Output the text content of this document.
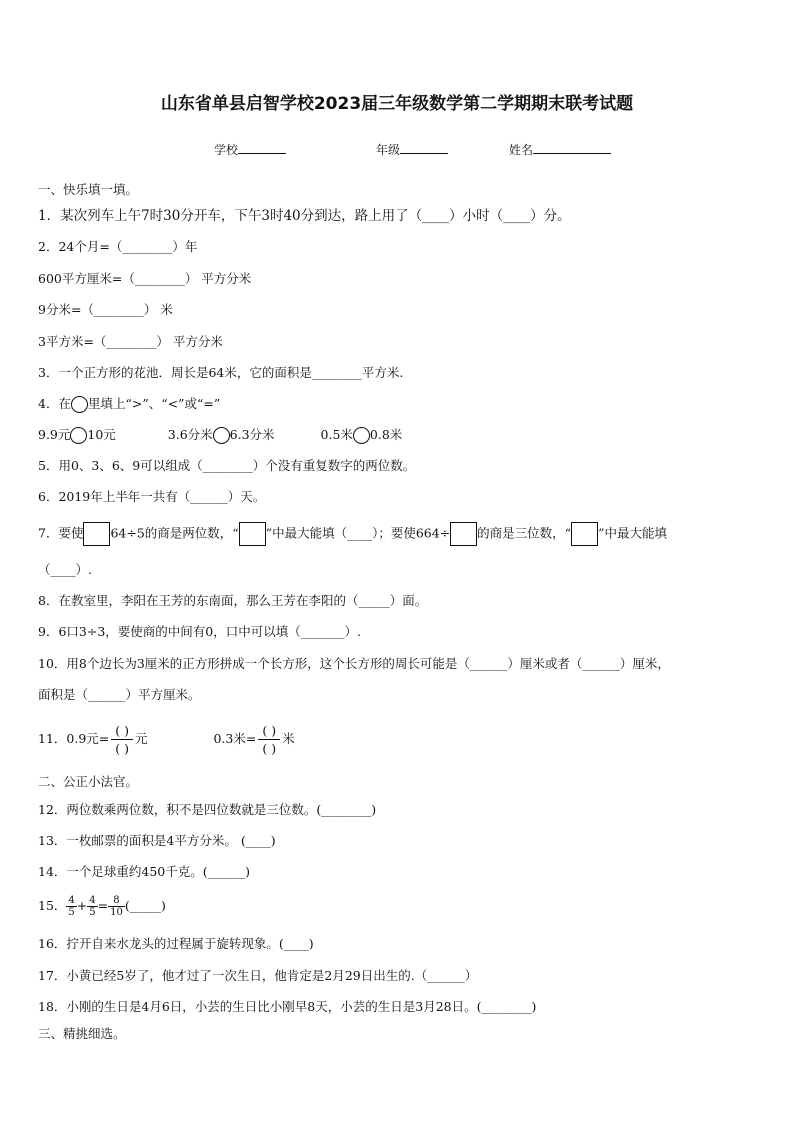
山东省单县启智学校2023届三年级数学第二学期期末联考试题
学校	年级	姓名
一、快乐填一填。
1．某次列车上午7时30分开车，下午3时40分到达，路上用了（____）小时（____）分。
2．24个月=（________）年
600平方厘米=（________） 平方分米
9分米=（________） 米
3平方米=（________） 平方分米
3．一个正方形的花池．周长是64米，它的面积是________平方米.
4．在 里填上“>”、“<”或“=”
9.9元 10元	3.6分米 6.3分米	0.5米 0.8米
5．用0、3、6、9可以组成（________）个没有重复数字的两位数。
6．2019年上半年一共有（______）天。
7．要使 64÷5的商是两位数，“ ”中最大能填（____）；要使664÷ 的商是三位数，“ ”中最大能填
（____）.
8．在教室里，李阳在王芳的东南面，那么王芳在李阳的（_____）面。
9．6口3÷3，要使商的中间有0，口中可以填（_______）.
10．用8个边长为3厘米的正方形拼成一个长方形，这个长方形的周长可能是（______）厘米或者（______）厘米，
面积是（______）平方厘米。
11．0.9元= $\frac{( )}{( )}$ 元	0.3米= $\frac{( )}{( )}$ 米
二、公正小法官。
12．两位数乘两位数，积不是四位数就是三位数。(________)
13．一枚邮票的面积是4平方分米。 (____)
14．一个足球重约450千克。(______)
15． $\frac{4}{5} + \frac{4}{5} = \frac{8}{10}$ (_____)
16．拧开自来水龙头的过程属于旋转现象。(____)
17．小黄已经5岁了，他才过了一次生日，他肯定是2月29日出生的.（______）
18．小刚的生日是4月6日，小芸的生日比小刚早8天，小芸的生日是3月28日。(________)
三、精挑细选。
